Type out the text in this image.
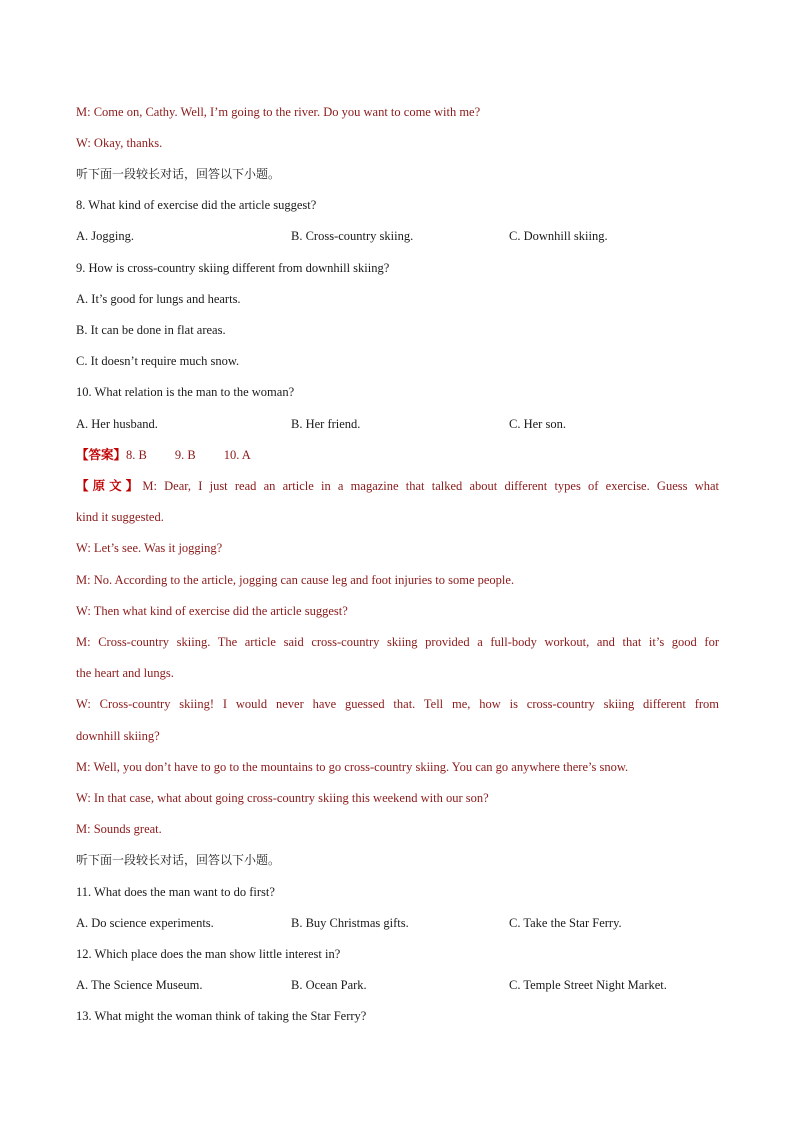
M: Come on, Cathy. Well, I’m going to the river. Do you want to come with me?
W: Okay, thanks.
听下面一段较长对话，回答以下小题。
8. What kind of exercise did the article suggest?
A. Jogging.	B. Cross-country skiing.	C. Downhill skiing.
9. How is cross-country skiing different from downhill skiing?
A. It’s good for lungs and hearts.
B. It can be done in flat areas.
C. It doesn’t require much snow.
10. What relation is the man to the woman?
A. Her husband.	B. Her friend.	C. Her son.
【答案】8. B 9. B 10. A
【原文】M: Dear, I just read an article in a magazine that talked about different types of exercise. Guess what
kind it suggested.
W: Let’s see. Was it jogging?
M: No. According to the article, jogging can cause leg and foot injuries to some people.
W: Then what kind of exercise did the article suggest?
M: Cross-country skiing. The article said cross-country skiing provided a full-body workout, and that it’s good for
the heart and lungs.
W: Cross-country skiing! I would never have guessed that. Tell me, how is cross-country skiing different from
downhill skiing?
M: Well, you don’t have to go to the mountains to go cross-country skiing. You can go anywhere there’s snow.
W: In that case, what about going cross-country skiing this weekend with our son?
M: Sounds great.
听下面一段较长对话，回答以下小题。
11. What does the man want to do first?
A. Do science experiments.	B. Buy Christmas gifts.	C. Take the Star Ferry.
12. Which place does the man show little interest in?
A. The Science Museum.	B. Ocean Park.	C. Temple Street Night Market.
13. What might the woman think of taking the Star Ferry?
